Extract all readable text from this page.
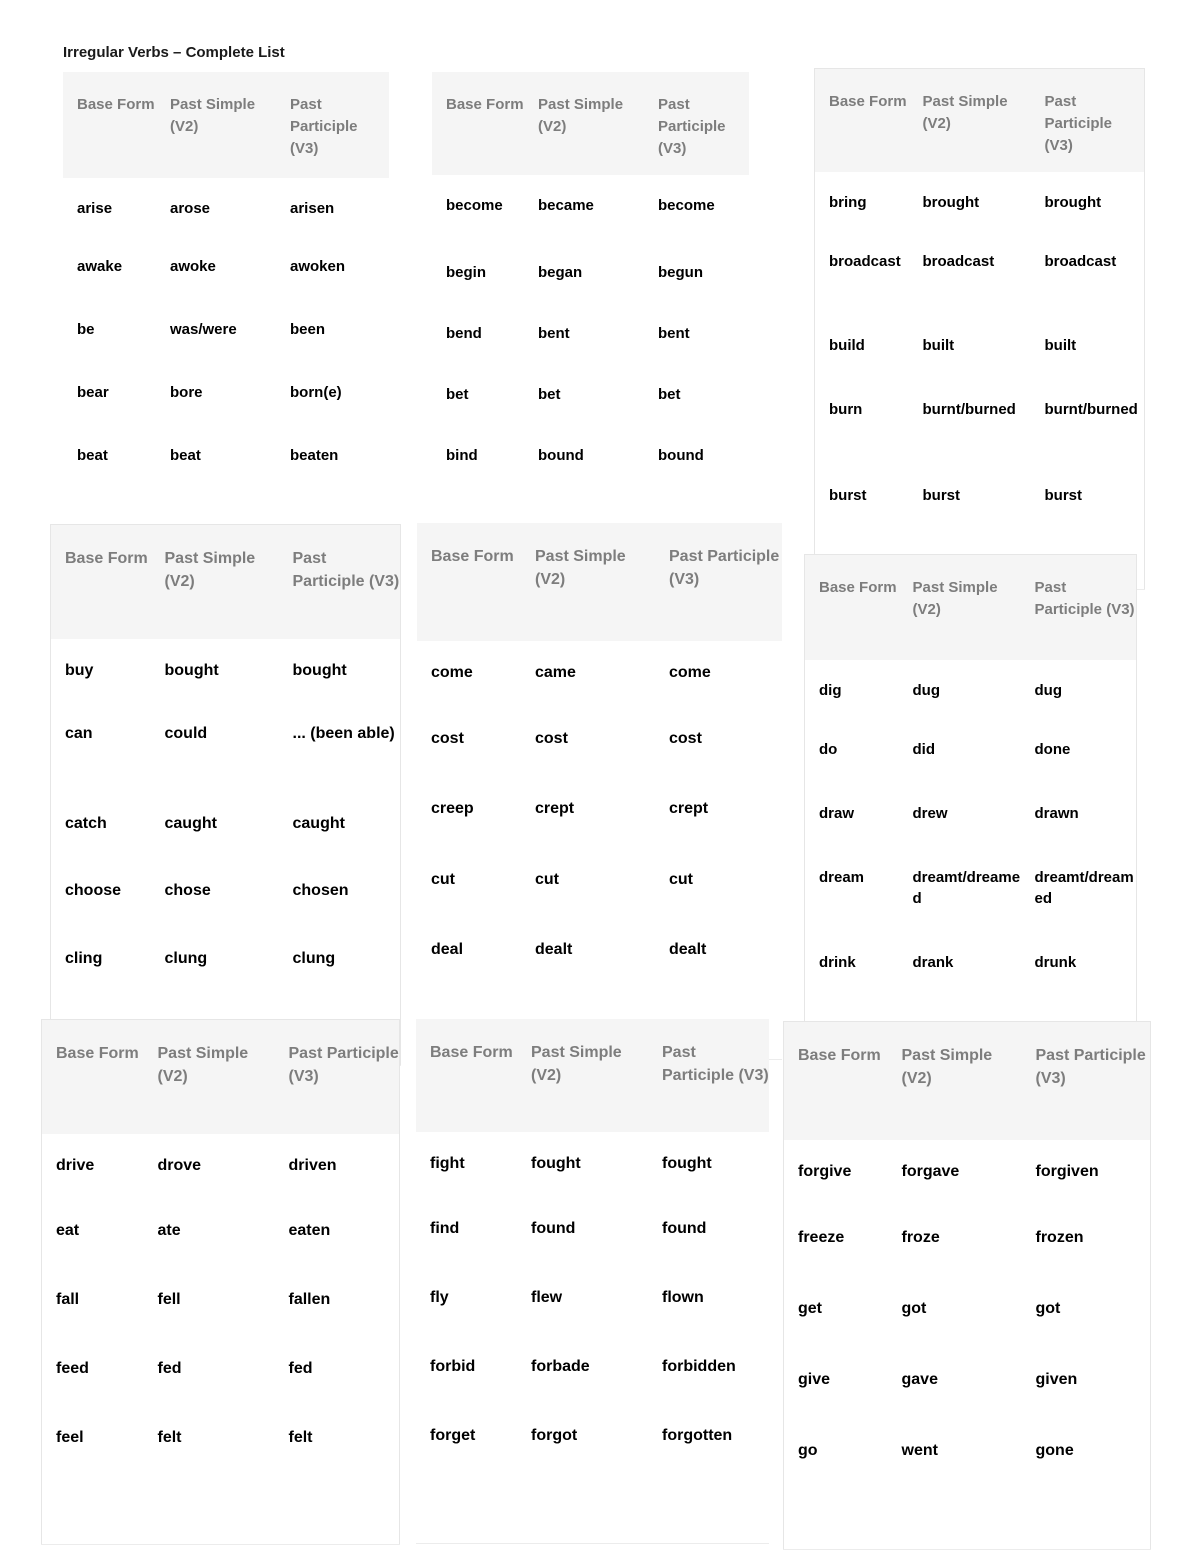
Irregular Verbs – Complete List
Base Form	Past Simple (V2)	Past Participle (V3)
arise	arose	arisen
awake	awoke	awoken
be	was/were	been
bear	bore	born(e)
beat	beat	beaten
Base Form	Past Simple (V2)	Past Participle (V3)
become	became	become
begin	began	begun
bend	bent	bent
bet	bet	bet
bind	bound	bound
Base Form	Past Simple (V2)	Past Participle (V3)
bring	brought	brought
broadcast	broadcast	broadcast
build	built	built
burn	burnt/burned	burnt/burned
burst	burst	burst
Base Form	Past Simple (V2)	Past Participle (V3)
buy	bought	bought
can	could	... (been able)
catch	caught	caught
choose	chose	chosen
cling	clung	clung
Base Form	Past Simple (V2)	Past Participle (V3)
come	came	come
cost	cost	cost
creep	crept	crept
cut	cut	cut
deal	dealt	dealt
Base Form	Past Simple (V2)	Past Participle (V3)
dig	dug	dug
do	did	done
draw	drew	drawn
dream	dreamt/dreamed	dreamt/dreamed
drink	drank	drunk
Base Form	Past Simple (V2)	Past Participle (V3)
drive	drove	driven
eat	ate	eaten
fall	fell	fallen
feed	fed	fed
feel	felt	felt
Base Form	Past Simple (V2)	Past Participle (V3)
fight	fought	fought
find	found	found
fly	flew	flown
forbid	forbade	forbidden
forget	forgot	forgotten
Base Form	Past Simple (V2)	Past Participle (V3)
forgive	forgave	forgiven
freeze	froze	frozen
get	got	got
give	gave	given
go	went	gone
